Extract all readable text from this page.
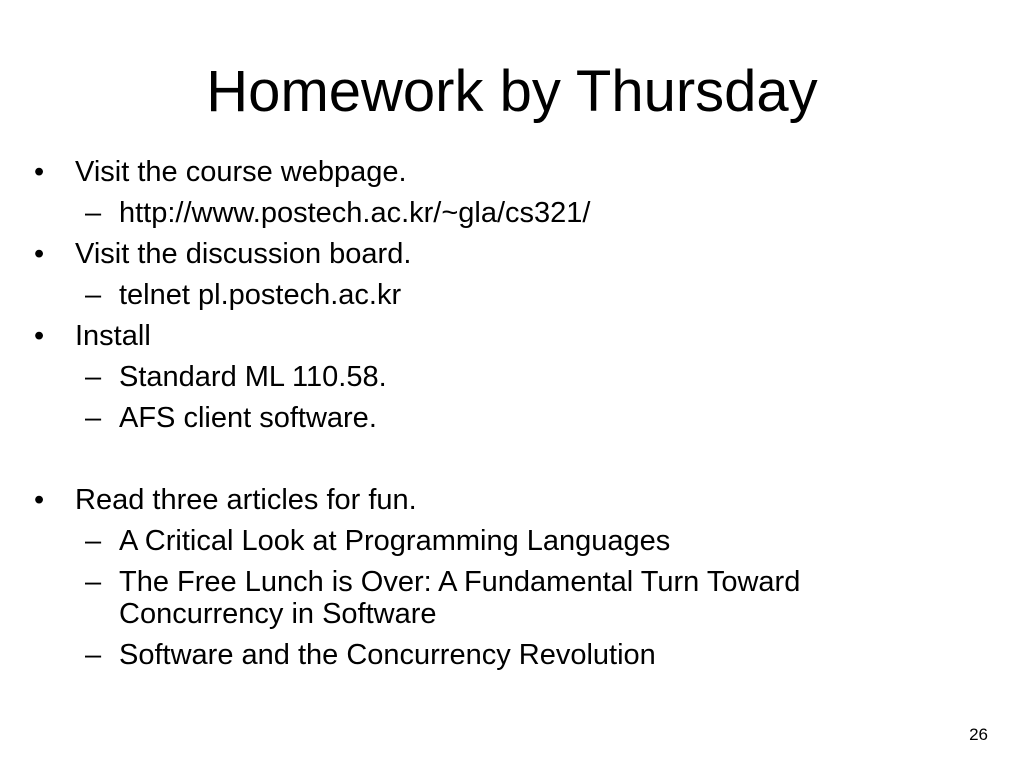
Homework by Thursday
• Visit the course webpage.
– http://www.postech.ac.kr/~gla/cs321/
• Visit the discussion board.
– telnet pl.postech.ac.kr
• Install
– Standard ML 110.58.
– AFS client software.
• Read three articles for fun.
– A Critical Look at Programming Languages
– The Free Lunch is Over: A Fundamental Turn Toward Concurrency in Software
– Software and the Concurrency Revolution
26
